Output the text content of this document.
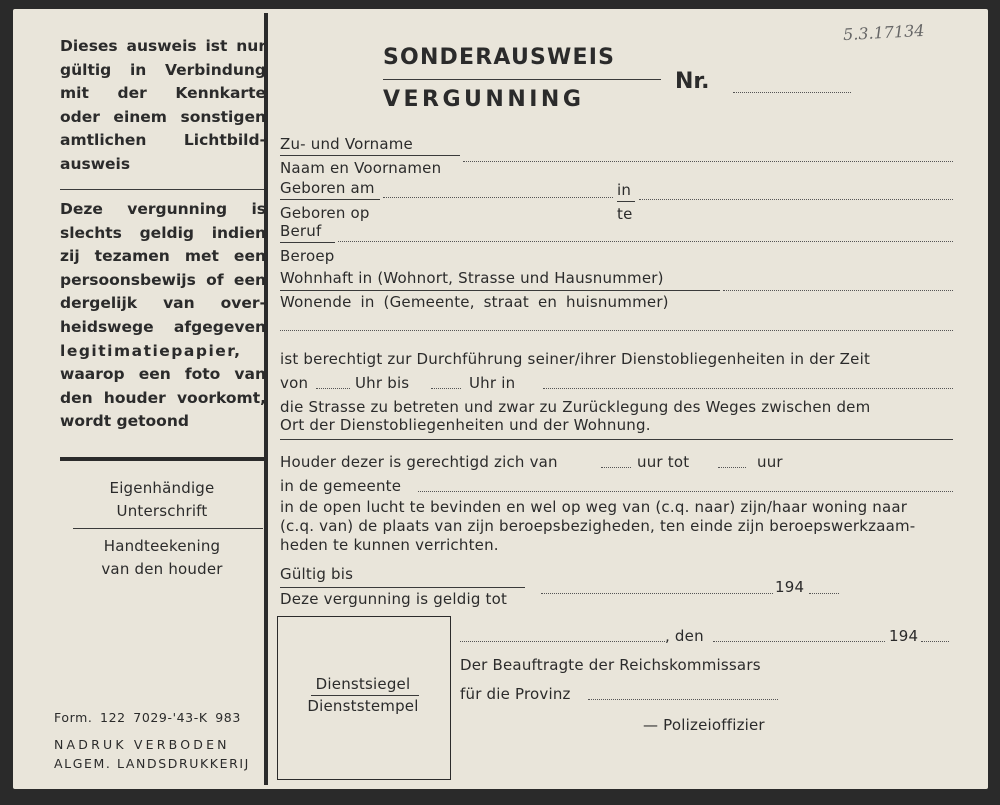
Dieses ausweis ist nur
gültig in Verbindung
mit der Kennkarte
oder einem sonstigen
amtlichen Lichtbild-
ausweis
Deze vergunning is
slechts geldig indien
zij tezamen met een
persoonsbewijs of een
dergelijk van over-
heidswege afgegeven
legitimatiepapier,
waarop een foto van
den houder voorkomt,
wordt getoond
Eigenhändige
Unterschrift
Handteekening
van den houder
Form. 122 7029-'43-K 983
NADRUK VERBODEN
ALGEM. LANDSDRUKKERIJ
SONDERAUSWEIS
VERGUNNING
Nr.
5.3.17134
Zu- und Vorname
Naam en Voornamen
Geboren am	in
Geboren op	te
Beruf
Beroep
Wohnhaft in (Wohnort, Strasse und Hausnummer)
Wonende in (Gemeente, straat en huisnummer)
ist berechtigt zur Durchführung seiner/ihrer Dienstobliegenheiten in der Zeit
von	Uhr bis	Uhr in
die Strasse zu betreten und zwar zu Zurücklegung des Weges zwischen dem
Ort der Dienstobliegenheiten und der Wohnung.
Houder dezer is gerechtigd zich van	uur tot	uur
in de gemeente
in de open lucht te bevinden en wel op weg van (c.q. naar) zijn/haar woning naar
(c.q. van) de plaats van zijn beroepsbezigheden, ten einde zijn beroepswerkzaam-
heden te kunnen verrichten.
Gültig bis
194
Deze vergunning is geldig tot
Dienstsiegel
Dienststempel
, den	194
Der Beauftragte der Reichskommissars
für die Provinz
— Polizeioffizier
